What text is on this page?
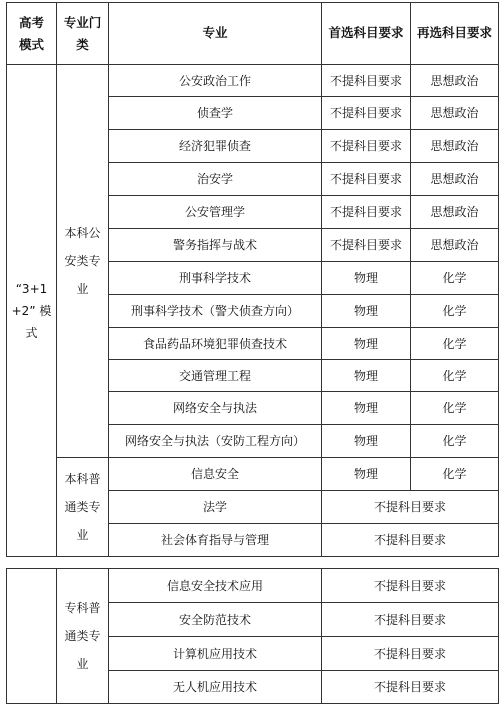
高考
模式	专业门
类	专业	首选科目要求	再选科目要求
“3+1
+2” 模
式	本科公
安类专
业	公安政治工作	不提科目要求	思想政治
		侦查学	不提科目要求	思想政治
		经济犯罪侦查	不提科目要求	思想政治
		治安学	不提科目要求	思想政治
		公安管理学	不提科目要求	思想政治
		警务指挥与战术	不提科目要求	思想政治
		刑事科学技术	物理	化学
		刑事科学技术（警犬侦查方向）	物理	化学
		食品药品环境犯罪侦查技术	物理	化学
		交通管理工程	物理	化学
		网络安全与执法	物理	化学
		网络安全与执法（安防工程方向）	物理	化学
	本科普
通类专
业	信息安全	物理	化学
		法学	不提科目要求	
		社会体育指导与管理	不提科目要求	
	专科普
通类专
业	信息安全技术应用	不提科目要求
		安全防范技术	不提科目要求
		计算机应用技术	不提科目要求
		无人机应用技术	不提科目要求
